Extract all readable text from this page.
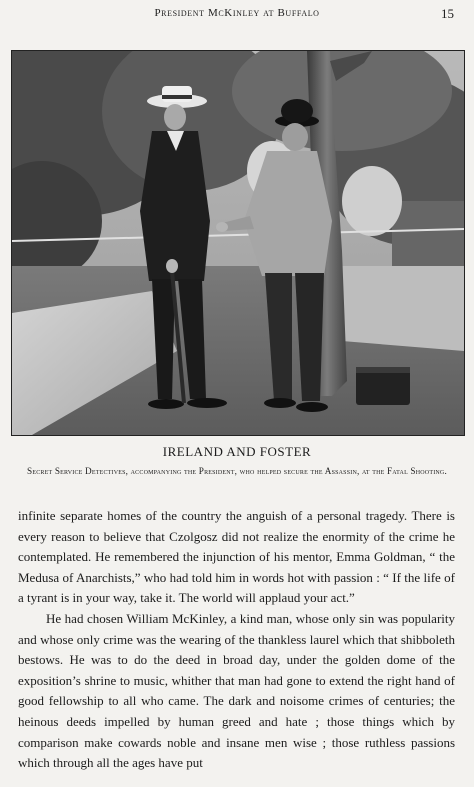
President McKinley at Buffalo	15
IRELAND AND FOSTER
Secret Service Detectives, accompanying the President, who helped secure the Assassin, at the Fatal Shooting.

infinite separate homes of the country the anguish of a personal tragedy. There is every reason to believe that Czolgosz did not realize the enormity of the crime he contemplated. He remembered the injunction of his mentor, Emma Goldman, “ the Medusa of Anarchists,” who had told him in words hot with passion : “ If the life of a tyrant is in your way, take it. The world will applaud your act.”

He had chosen William McKinley, a kind man, whose only sin was popularity and whose only crime was the wearing of the thankless laurel which that shibboleth bestows. He was to do the deed in broad day, under the golden dome of the exposition’s shrine to music, whither that man had gone to extend the right hand of good fellowship to all who came. The dark and noisome crimes of centuries; the heinous deeds impelled by human greed and hate ; those things which by comparison make cowards noble and insane men wise ; those ruthless passions which through all the ages have put
